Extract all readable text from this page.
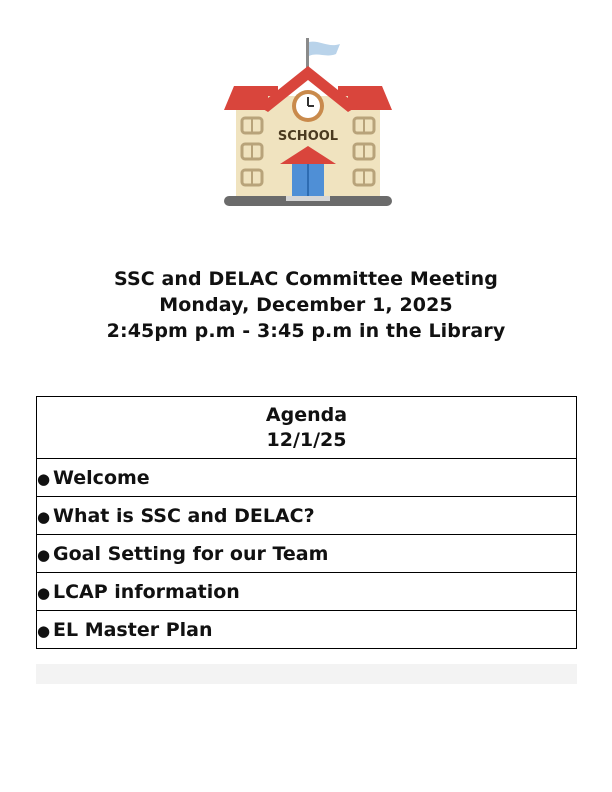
SCHOOL
SSC and DELAC Committee Meeting
Monday, December 1, 2025
2:45pm p.m - 3:45 p.m in the Library
Agenda
12/1/25

● Welcome
● What is SSC and DELAC?
● Goal Setting for our Team
● LCAP information
● EL Master Plan
